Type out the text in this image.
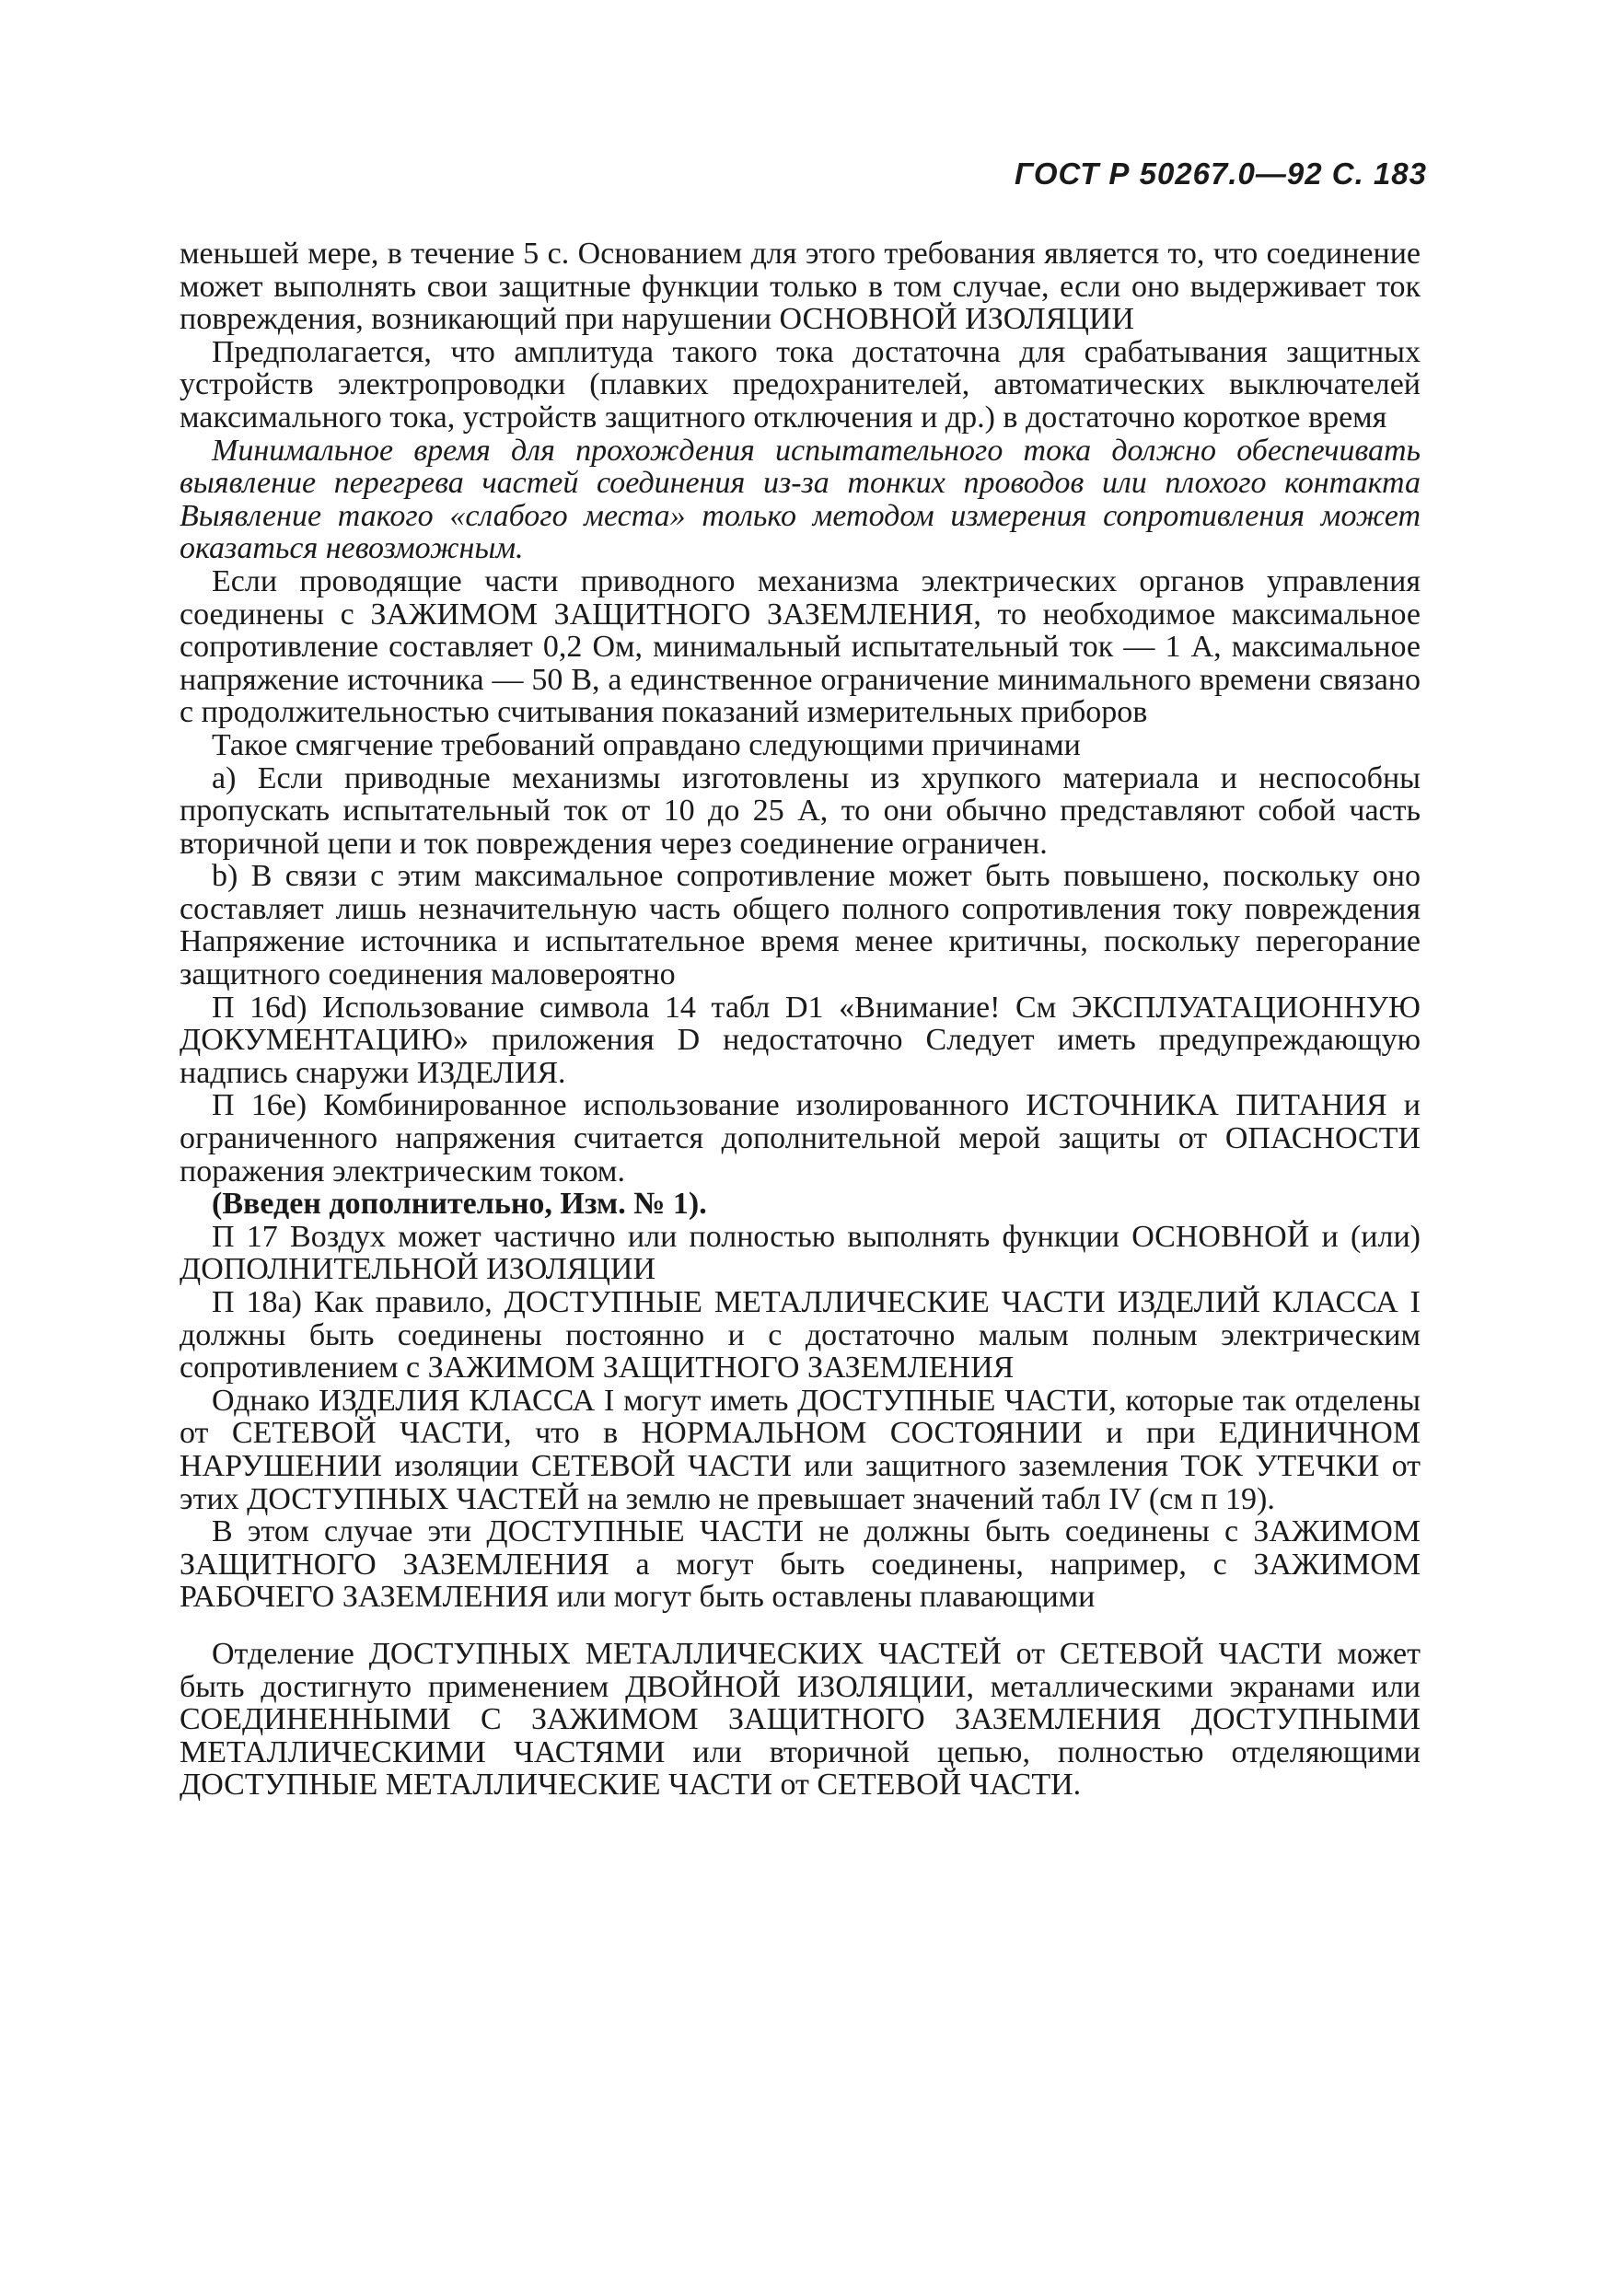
ГОСТ Р 50267.0—92 С. 183

меньшей мере, в течение 5 с. Основанием для этого требования является то, что соединение может выполнять свои защитные функции только в том случае, если оно выдерживает ток повреждения, возникающий при нарушении ОСНОВНОЙ ИЗОЛЯЦИИ

Предполагается, что амплитуда такого тока достаточна для срабатывания защитных устройств электропроводки (плавких предохранителей, автоматических выключателей максимального тока, устройств защитного отключения и др.) в достаточно короткое время

Минимальное время для прохождения испытательного тока должно обеспечивать выявление перегрева частей соединения из-за тонких проводов или плохого контакта Выявление такого «слабого места» только методом измерения сопротивления может оказаться невозможным.

Если проводящие части приводного механизма электрических органов управления соединены с ЗАЖИМОМ ЗАЩИТНОГО ЗАЗЕМЛЕНИЯ, то необходимое максимальное сопротивление составляет 0,2 Ом, минимальный испытательный ток — 1 А, максимальное напряжение источника — 50 В, а единственное ограничение минимального времени связано с продолжительностью считывания показаний измерительных приборов

Такое смягчение требований оправдано следующими причинами

а) Если приводные механизмы изготовлены из хрупкого материала и неспособны пропускать испытательный ток от 10 до 25 А, то они обычно представляют собой часть вторичной цепи и ток повреждения через соединение ограничен.

b) В связи с этим максимальное сопротивление может быть повышено, поскольку оно составляет лишь незначительную часть общего полного сопротивления току повреждения Напряжение источника и испытательное время менее критичны, поскольку перегорание защитного соединения маловероятно

П 16d) Использование символа 14 табл D1 «Внимание! См ЭКСПЛУАТАЦИОННУЮ ДОКУМЕНТАЦИЮ» приложения D недостаточно Следует иметь предупреждающую надпись снаружи ИЗДЕЛИЯ.

П 16е) Комбинированное использование изолированного ИСТОЧНИКА ПИТАНИЯ и ограниченного напряжения считается дополнительной мерой защиты от ОПАСНОСТИ поражения электрическим током.

(Введен дополнительно, Изм. № 1).

П 17 Воздух может частично или полностью выполнять функции ОСНОВНОЙ и (или) ДОПОЛНИТЕЛЬНОЙ ИЗОЛЯЦИИ

П 18а) Как правило, ДОСТУПНЫЕ МЕТАЛЛИЧЕСКИЕ ЧАСТИ ИЗДЕЛИЙ КЛАССА I должны быть соединены постоянно и с достаточно малым полным электрическим сопротивлением с ЗАЖИМОМ ЗАЩИТНОГО ЗАЗЕМЛЕНИЯ

Однако ИЗДЕЛИЯ КЛАССА I могут иметь ДОСТУПНЫЕ ЧАСТИ, которые так отделены от СЕТЕВОЙ ЧАСТИ, что в НОРМАЛЬНОМ СОСТОЯНИИ и при ЕДИНИЧНОМ НАРУШЕНИИ изоляции СЕТЕВОЙ ЧАСТИ или защитного заземления ТОК УТЕЧКИ от этих ДОСТУПНЫХ ЧАСТЕЙ на землю не превышает значений табл IV (см п 19).

В этом случае эти ДОСТУПНЫЕ ЧАСТИ не должны быть соединены с ЗАЖИМОМ ЗАЩИТНОГО ЗАЗЕМЛЕНИЯ а могут быть соединены, например, с ЗАЖИМОМ РАБОЧЕГО ЗАЗЕМЛЕНИЯ или могут быть оставлены плавающими

Отделение ДОСТУПНЫХ МЕТАЛЛИЧЕСКИХ ЧАСТЕЙ от СЕТЕВОЙ ЧАСТИ может быть достигнуто применением ДВОЙНОЙ ИЗОЛЯЦИИ, металлическими экранами или СОЕДИНЕННЫМИ С ЗАЖИМОМ ЗАЩИТНОГО ЗАЗЕМЛЕНИЯ ДОСТУПНЫМИ МЕТАЛЛИЧЕСКИМИ ЧАСТЯМИ или вторичной цепью, полностью отделяющими ДОСТУПНЫЕ МЕТАЛЛИЧЕСКИЕ ЧАСТИ от СЕТЕВОЙ ЧАСТИ.
